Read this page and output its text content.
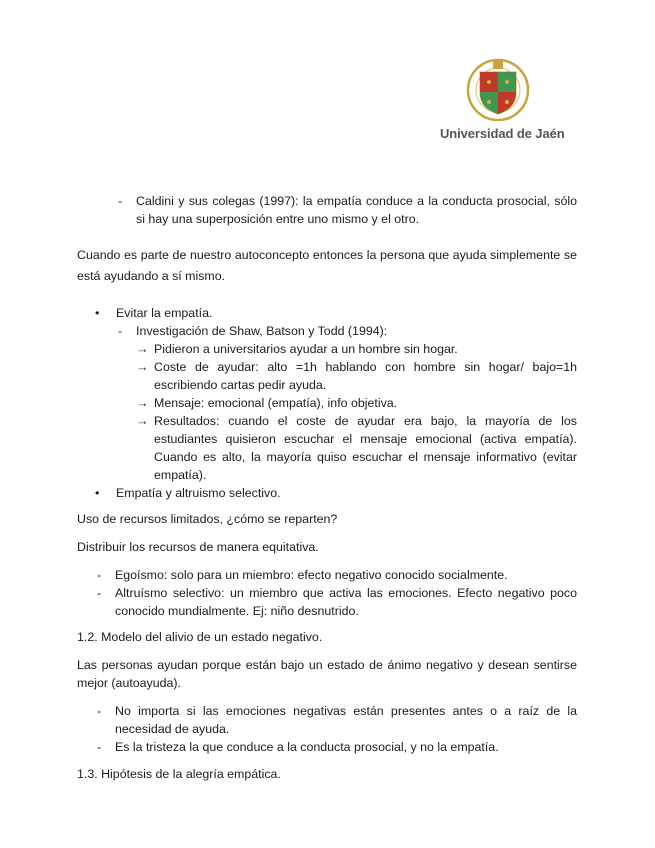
Universidad de Jaén
-	Caldini y sus colegas (1997): la empatía conduce a la conducta prosocial, sólo si hay una superposición entre uno mismo y el otro.

Cuando es parte de nuestro autoconcepto entonces la persona que ayuda simplemente se está ayudando a sí mismo.

•	Evitar la empatía.
-	Investigación de Shaw, Batson y Todd (1994):
→ Pidieron a universitarios ayudar a un hombre sin hogar.
→ Coste de ayudar: alto =1h hablando con hombre sin hogar/ bajo=1h escribiendo cartas pedir ayuda.
→ Mensaje: emocional (empatía), info objetiva.
→ Resultados: cuando el coste de ayudar era bajo, la mayoría de los estudiantes quisieron escuchar el mensaje emocional (activa empatía). Cuando es alto, la mayoría quiso escuchar el mensaje informativo (evitar empatía).
•	Empatía y altruismo selectivo.

Uso de recursos limitados, ¿cómo se reparten?

Distribuir los recursos de manera equitativa.

-	Egoísmo: solo para un miembro: efecto negativo conocido socialmente.
-	Altruísmo selectivo: un miembro que activa las emociones. Efecto negativo poco conocido mundialmente. Ej: niño desnutrido.

1.2. Modelo del alivio de un estado negativo.

Las personas ayudan porque están bajo un estado de ánimo negativo y desean sentirse mejor (autoayuda).

-	No importa si las emociones negativas están presentes antes o a raíz de la necesidad de ayuda.
-	Es la tristeza la que conduce a la conducta prosocial, y no la empatía.

1.3. Hipótesis de la alegría empática.
